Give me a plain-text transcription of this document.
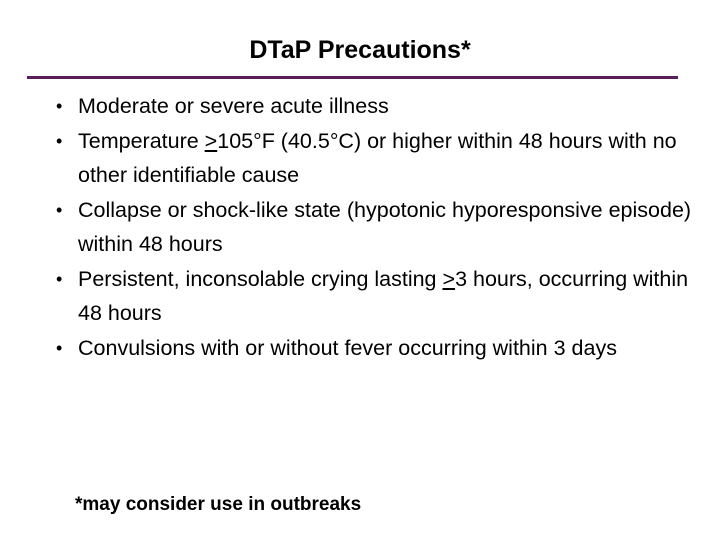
DTaP Precautions*
• Moderate or severe acute illness
• Temperature ≥105°F (40.5°C) or higher within 48 hours with no other identifiable cause
• Collapse or shock-like state (hypotonic hyporesponsive episode) within 48 hours
• Persistent, inconsolable crying lasting ≥3 hours, occurring within 48 hours
• Convulsions with or without fever occurring within 3 days
*may consider use in outbreaks
